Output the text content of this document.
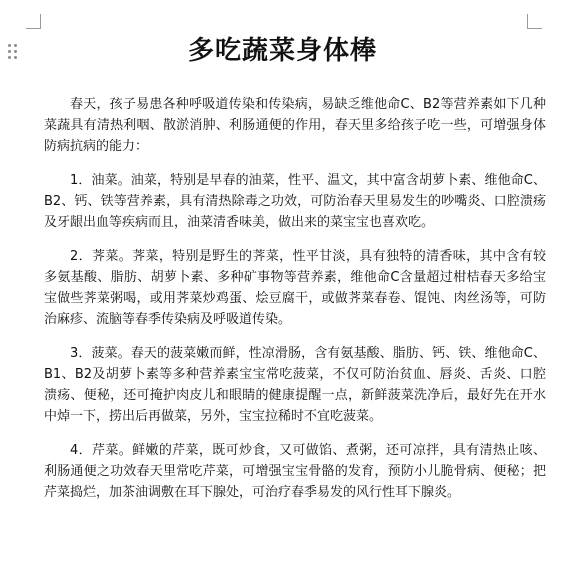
多吃蔬菜身体棒

春天，孩子易患各种呼吸道传染和传染病，易缺乏维他命C、B2等营养素如下几种菜蔬具有清热利咽、散淤消肿、利肠通便的作用，春天里多给孩子吃一些，可增强身体防病抗病的能力：

1．油菜。油菜，特别是早春的油菜，性平、温文，其中富含胡萝卜素、维他命C、B2、钙、铁等营养素，具有清热除毒之功效，可防治春天里易发生的吵嘴炎、口腔溃疡及牙龈出血等疾病而且，油菜清香味美，做出来的菜宝宝也喜欢吃。

2．荠菜。荠菜，特别是野生的荠菜，性平甘淡，具有独特的清香味，其中含有较多氨基酸、脂肪、胡萝卜素、多种矿事物等营养素，维他命C含量超过柑桔春天多给宝宝做些荠菜粥喝，或用荠菜炒鸡蛋、烩豆腐干，或做荠菜春卷、馄饨、肉丝汤等，可防治麻疹、流脑等春季传染病及呼吸道传染。

3．菠菜。春天的菠菜嫩而鲜，性凉滑肠，含有氨基酸、脂肪、钙、铁、维他命C、B1、B2及胡萝卜素等多种营养素宝宝常吃菠菜，不仅可防治贫血、唇炎、舌炎、口腔溃疡、便秘，还可掩护肉皮儿和眼睛的健康提醒一点，新鲜菠菜洗净后，最好先在开水中焯一下，捞出后再做菜，另外，宝宝拉稀时不宜吃菠菜。

4．芹菜。鲜嫩的芹菜，既可炒食，又可做馅、煮粥，还可凉拌，具有清热止咳、利肠通便之功效春天里常吃芹菜，可增强宝宝骨骼的发育，预防小儿脆骨病、便秘；把芹菜捣烂，加茶油调敷在耳下腺处，可治疗春季易发的风行性耳下腺炎。
